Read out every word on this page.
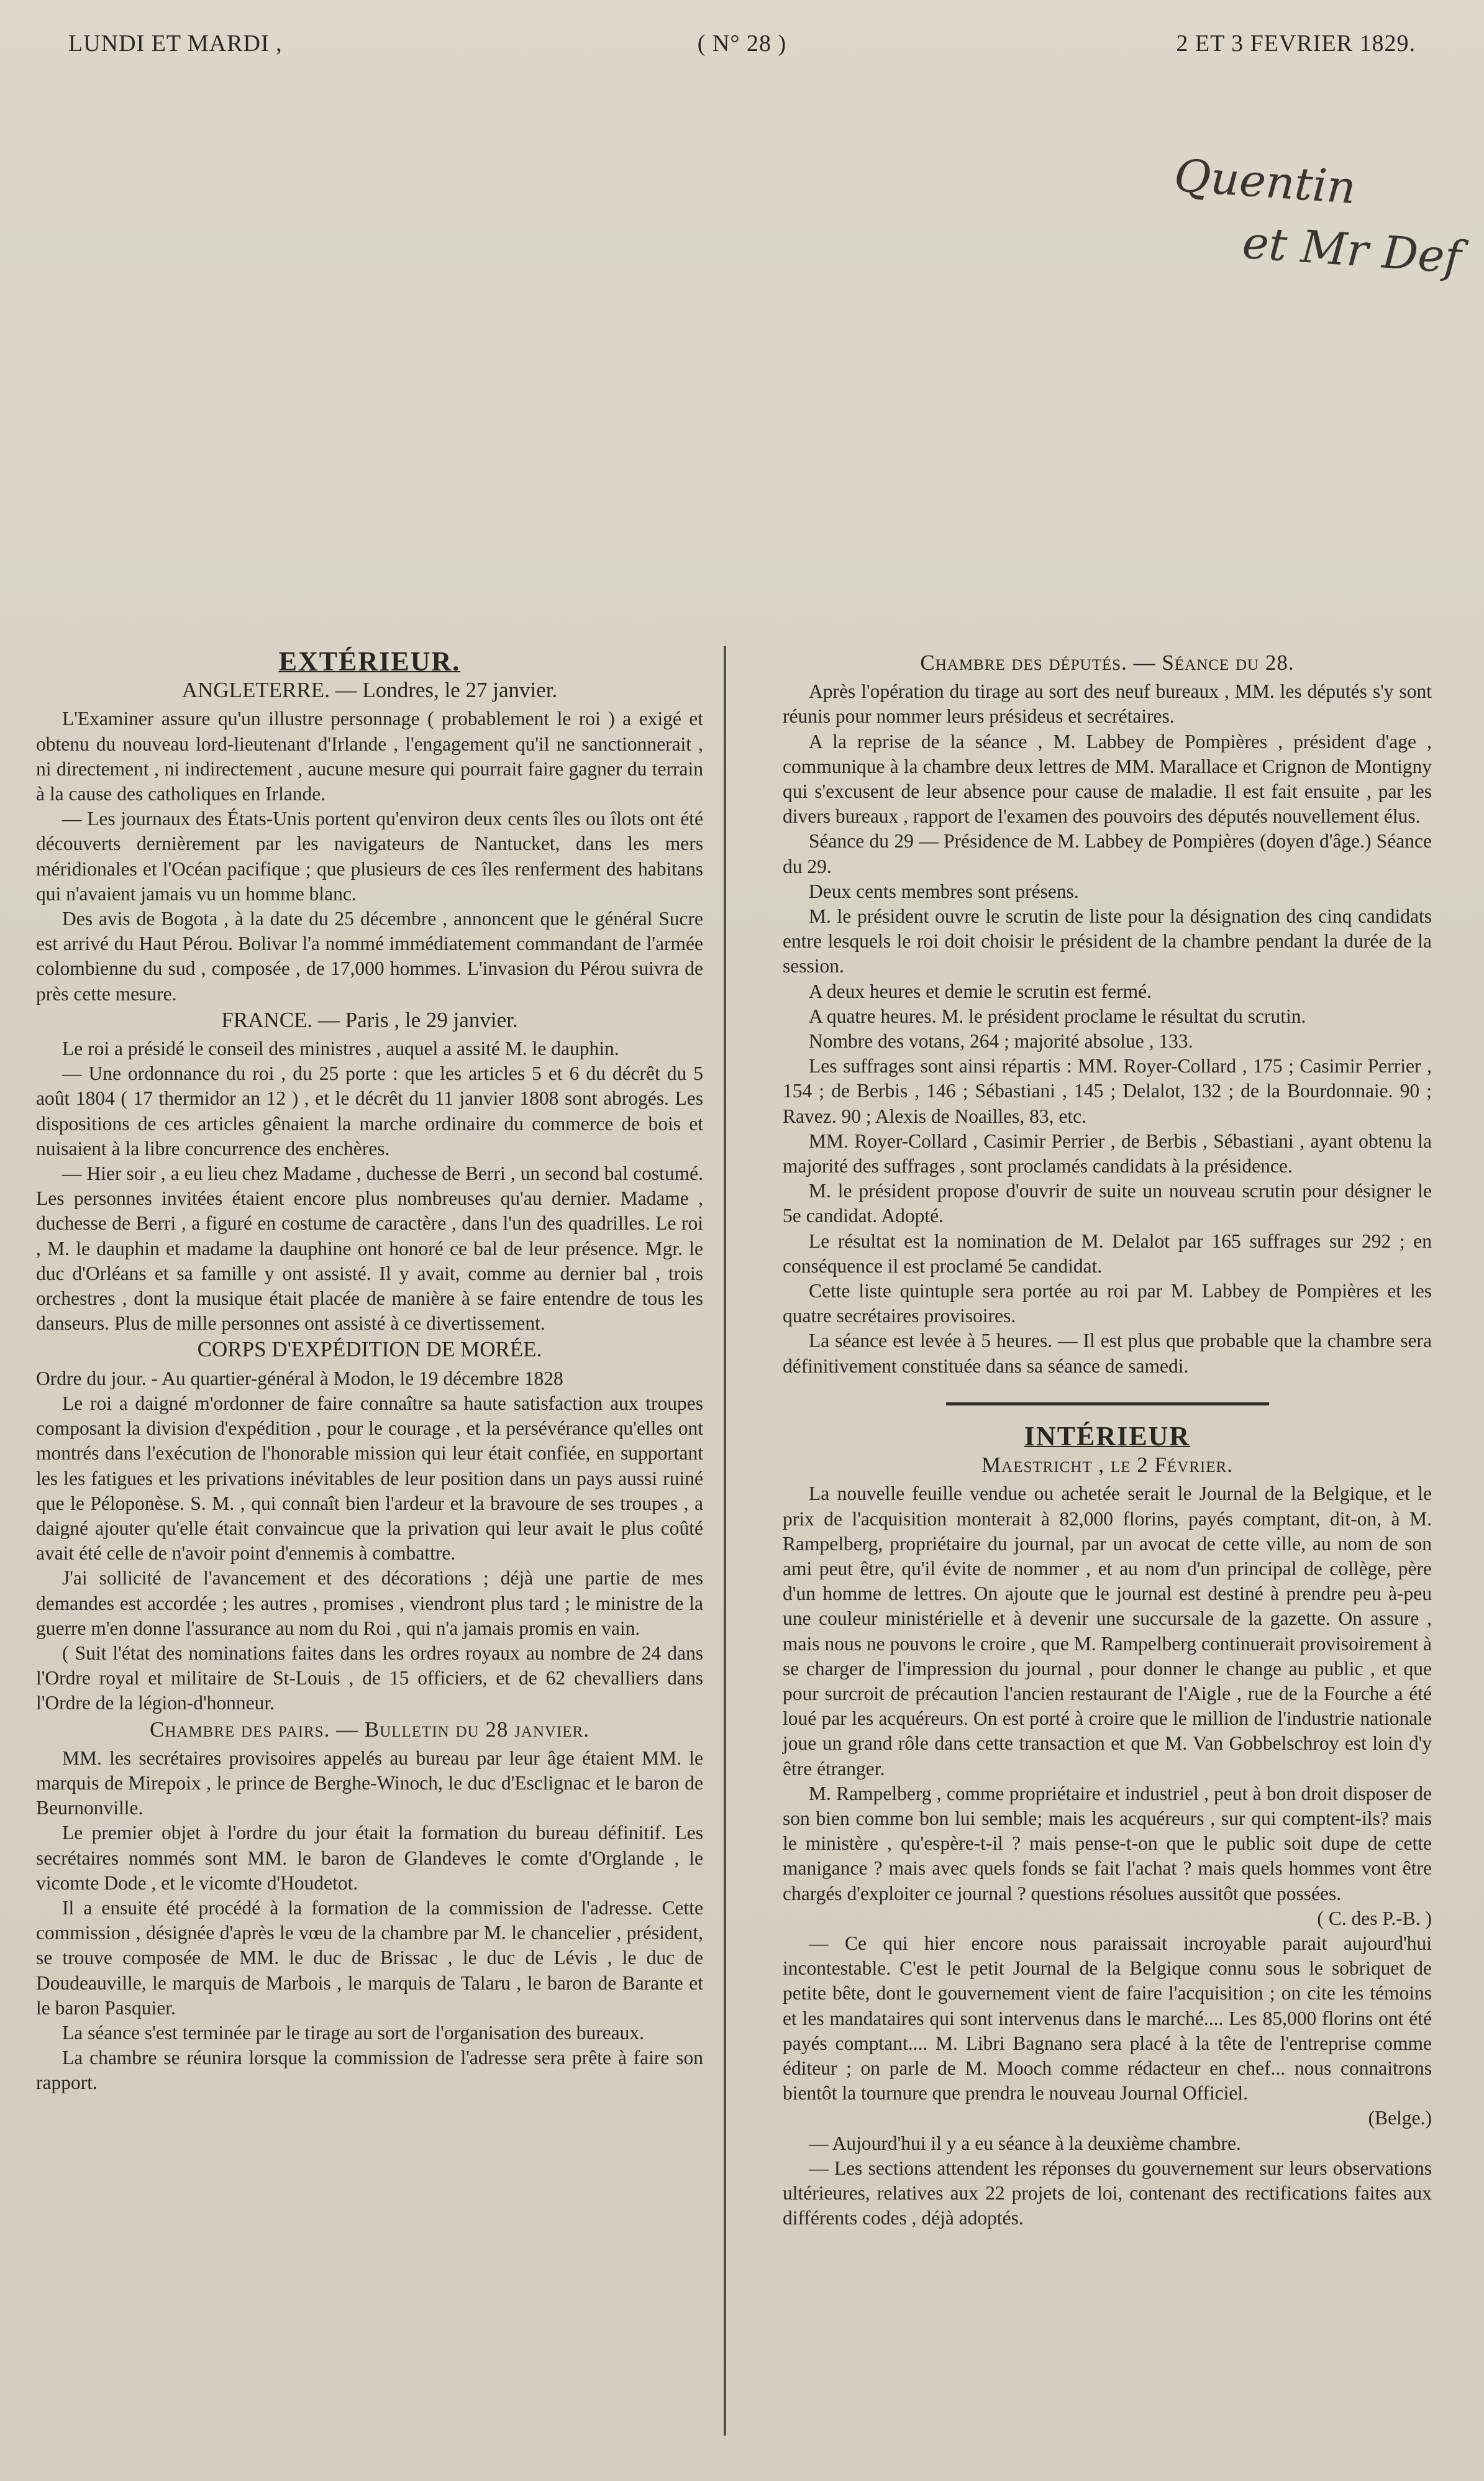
LUNDI ET MARDI ,	( N° 28 )	2 ET 3 FEVRIER 1829.
Quentin
et Mr Def
EXTÉRIEUR.
ANGLETERRE. — Londres, le 27 janvier.

L'Examiner assure qu'un illustre personnage ( probablement le roi ) a exigé et obtenu du nouveau lord-lieutenant d'Irlande , l'engagement qu'il ne sanctionnerait , ni directement , ni indirectement , aucune mesure qui pourrait faire gagner du terrain à la cause des catholiques en Irlande.

— Les journaux des États-Unis portent qu'environ deux cents îles ou îlots ont été découverts dernièrement par les navigateurs de Nantucket, dans les mers méridionales et l'Océan pacifique ; que plusieurs de ces îles renferment des habitans qui n'avaient jamais vu un homme blanc.

Des avis de Bogota , à la date du 25 décembre , annoncent que le général Sucre est arrivé du Haut Pérou. Bolivar l'a nommé immédiatement commandant de l'armée colombienne du sud , composée , de 17,000 hommes. L'invasion du Pérou suivra de près cette mesure.

FRANCE. — Paris , le 29 janvier.

Le roi a présidé le conseil des ministres , auquel a assité M. le dauphin.

— Une ordonnance du roi , du 25 porte : que les articles 5 et 6 du décrêt du 5 août 1804 ( 17 thermidor an 12 ) , et le décrêt du 11 janvier 1808 sont abrogés. Les dispositions de ces articles gênaient la marche ordinaire du commerce de bois et nuisaient à la libre concurrence des enchères.

— Hier soir , a eu lieu chez Madame , duchesse de Berri , un second bal costumé. Les personnes invitées étaient encore plus nombreuses qu'au dernier. Madame , duchesse de Berri , a figuré en costume de caractère , dans l'un des quadrilles. Le roi , M. le dauphin et madame la dauphine ont honoré ce bal de leur présence. Mgr. le duc d'Orléans et sa famille y ont assisté. Il y avait, comme au dernier bal , trois orchestres , dont la musique était placée de manière à se faire entendre de tous les danseurs. Plus de mille personnes ont assisté à ce divertissement.

CORPS D'EXPÉDITION DE MORÉE.

Ordre du jour. - Au quartier-général à Modon, le 19 décembre 1828

Le roi a daigné m'ordonner de faire connaître sa haute satisfaction aux troupes composant la division d'expédition , pour le courage , et la persévérance qu'elles ont montrés dans l'exécution de l'honorable mission qui leur était confiée, en supportant les les fatigues et les privations inévitables de leur position dans un pays aussi ruiné que le Péloponèse. S. M. , qui connaît bien l'ardeur et la bravoure de ses troupes , a daigné ajouter qu'elle était convaincue que la privation qui leur avait le plus coûté avait été celle de n'avoir point d'ennemis à combattre.

J'ai sollicité de l'avancement et des décorations ; déjà une partie de mes demandes est accordée ; les autres , promises , viendront plus tard ; le ministre de la guerre m'en donne l'assurance au nom du Roi , qui n'a jamais promis en vain.

( Suit l'état des nominations faites dans les ordres royaux au nombre de 24 dans l'Ordre royal et militaire de St-Louis , de 15 officiers, et de 62 chevalliers dans l'Ordre de la légion-d'honneur.

Chambre des pairs. — Bulletin du 28 janvier.

MM. les secrétaires provisoires appelés au bureau par leur âge étaient MM. le marquis de Mirepoix , le prince de Berghe-Winoch, le duc d'Esclignac et le baron de Beurnonville.

Le premier objet à l'ordre du jour était la formation du bureau définitif. Les secrétaires nommés sont MM. le baron de Glandeves le comte d'Orglande , le vicomte Dode , et le vicomte d'Houdetot.

Il a ensuite été procédé à la formation de la commission de l'adresse. Cette commission , désignée d'après le vœu de la chambre par M. le chancelier , président, se trouve composée de MM. le duc de Brissac , le duc de Lévis , le duc de Doudeauville, le marquis de Marbois , le marquis de Talaru , le baron de Barante et le baron Pasquier.

La séance s'est terminée par le tirage au sort de l'organisation des bureaux.

La chambre se réunira lorsque la commission de l'adresse sera prête à faire son rapport.

Chambre des députés. — Séance du 28.

Après l'opération du tirage au sort des neuf bureaux , MM. les députés s'y sont réunis pour nommer leurs présideus et secrétaires.

A la reprise de la séance , M. Labbey de Pompières , président d'age , communique à la chambre deux lettres de MM. Marallace et Crignon de Montigny qui s'excusent de leur absence pour cause de maladie. Il est fait ensuite , par les divers bureaux , rapport de l'examen des pouvoirs des députés nouvellement élus.

Séance du 29 — Présidence de M. Labbey de Pompières (doyen d'âge.) Séance du 29.

Deux cents membres sont présens.

M. le président ouvre le scrutin de liste pour la désignation des cinq candidats entre lesquels le roi doit choisir le président de la chambre pendant la durée de la session.

A deux heures et demie le scrutin est fermé.

A quatre heures. M. le président proclame le résultat du scrutin.

Nombre des votans, 264 ; majorité absolue , 133.

Les suffrages sont ainsi répartis : MM. Royer-Collard , 175 ; Casimir Perrier , 154 ; de Berbis , 146 ; Sébastiani , 145 ; Delalot, 132 ; de la Bourdonnaie. 90 ; Ravez. 90 ; Alexis de Noailles, 83, etc.

MM. Royer-Collard , Casimir Perrier , de Berbis , Sébastiani , ayant obtenu la majorité des suffrages , sont proclamés candidats à la présidence.

M. le président propose d'ouvrir de suite un nouveau scrutin pour désigner le 5e candidat. Adopté.

Le résultat est la nomination de M. Delalot par 165 suffrages sur 292 ; en conséquence il est proclamé 5e candidat.

Cette liste quintuple sera portée au roi par M. Labbey de Pompières et les quatre secrétaires provisoires.

La séance est levée à 5 heures. — Il est plus que probable que la chambre sera définitivement constituée dans sa séance de samedi.

INTÉRIEUR
Maestricht , le 2 Février.

La nouvelle feuille vendue ou achetée serait le Journal de la Belgique, et le prix de l'acquisition monterait à 82,000 florins, payés comptant, dit-on, à M. Rampelberg, propriétaire du journal, par un avocat de cette ville, au nom de son ami peut être, qu'il évite de nommer , et au nom d'un principal de collège, père d'un homme de lettres. On ajoute que le journal est destiné à prendre peu à-peu une couleur ministérielle et à devenir une succursale de la gazette. On assure , mais nous ne pouvons le croire , que M. Rampelberg continuerait provisoirement à se charger de l'impression du journal , pour donner le change au public , et que pour surcroit de précaution l'ancien restaurant de l'Aigle , rue de la Fourche a été loué par les acquéreurs. On est porté à croire que le million de l'industrie nationale joue un grand rôle dans cette transaction et que M. Van Gobbelschroy est loin d'y être étranger.

M. Rampelberg , comme propriétaire et industriel , peut à bon droit disposer de son bien comme bon lui semble; mais les acquéreurs , sur qui comptent-ils? mais le ministère , qu'espère-t-il ? mais pense-t-on que le public soit dupe de cette manigance ? mais avec quels fonds se fait l'achat ? mais quels hommes vont être chargés d'exploiter ce journal ? questions résolues aussitôt que possées.

( C. des P.-B. )

— Ce qui hier encore nous paraissait incroyable parait aujourd'hui incontestable. C'est le petit Journal de la Belgique connu sous le sobriquet de petite bête, dont le gouvernement vient de faire l'acquisition ; on cite les témoins et les mandataires qui sont intervenus dans le marché.... Les 85,000 florins ont été payés comptant.... M. Libri Bagnano sera placé à la tête de l'entreprise comme éditeur ; on parle de M. Mooch comme rédacteur en chef... nous connaitrons bientôt la tournure que prendra le nouveau Journal Officiel.

(Belge.)

— Aujourd'hui il y a eu séance à la deuxième chambre.

— Les sections attendent les réponses du gouvernement sur leurs observations ultérieures, relatives aux 22 projets de loi, contenant des rectifications faites aux différents codes , déjà adoptés.
